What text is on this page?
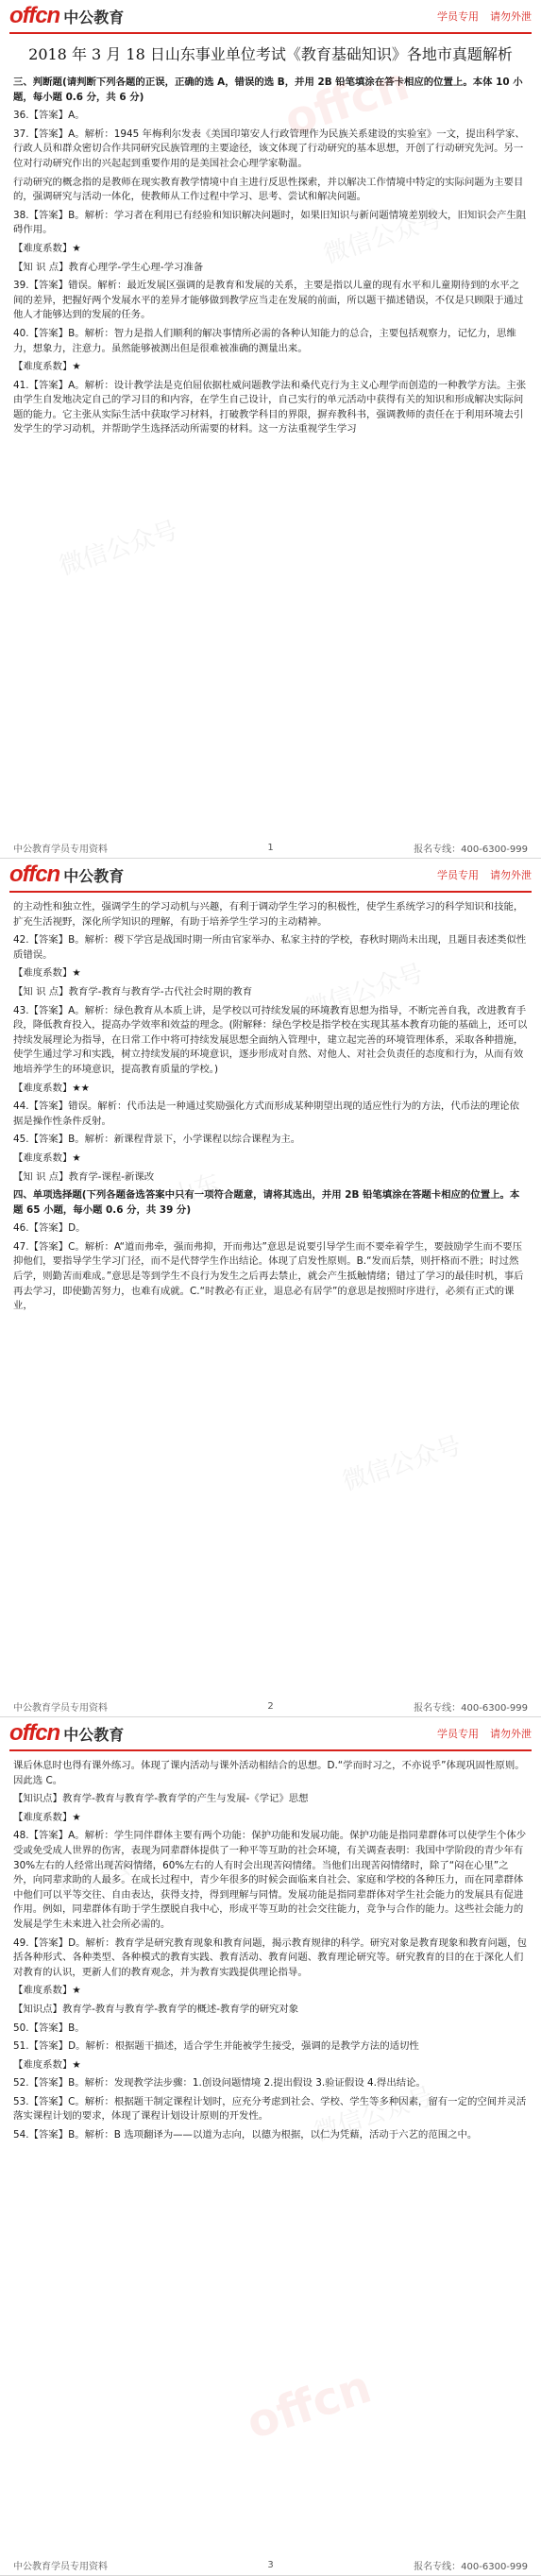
offcn
微信公众号
微信公众号
offcn 中公教育	学员专用 请勿外泄
2018 年 3 月 18 日山东事业单位考试《教育基础知识》各地市真题解析

三、判断题(请判断下列各题的正误，正确的选 A，错误的选 B，并用 2B 铅笔填涂在答卡相应的位置上。本体 10 小题，每小题 0.6 分，共 6 分)

36.【答案】A。

37.【答案】A。解析：1945 年梅利尔发表《美国印第安人行政管理作为民族关系建设的实验室》一文，提出科学家、行政人员和群众密切合作共同研究民族管理的主要途径，该文体现了行动研究的基本思想，开创了行动研究先河。另一位对行动研究作出的兴起起到重要作用的是美国社会心理学家勒温。

行动研究的概念指的是教师在现实教育教学情境中自主进行反思性探索，并以解决工作情境中特定的实际问题为主要目的，强调研究与活动一体化，使教师从工作过程中学习、思考、尝试和解决问题。

38.【答案】B。解析：学习者在利用已有经验和知识解决问题时，如果旧知识与新问题情境差别较大，旧知识会产生阻碍作用。

【难度系数】★

【知 识 点】教育心理学-学生心理-学习准备

39.【答案】错误。解析：最近发展区强调的是教育和发展的关系，主要是指以儿童的现有水平和儿童期待到的水平之间的差异，把握好两个发展水平的差异才能够做到教学应当走在发展的前面，所以题干描述错误，不仅是只顾限于通过他人才能够达到的发展的任务。

40.【答案】B。解析：智力是指人们顺利的解决事情所必需的各种认知能力的总合，主要包括观察力，记忆力，思维力，想象力，注意力。虽然能够被测出但是很难被准确的测量出来。

【难度系数】★

41.【答案】A。解析：设计教学法是克伯屈依据杜威问题教学法和桑代克行为主义心理学而创造的一种教学方法。主张由学生自发地决定自己的学习目的和内容，在学生自己设计，自己实行的单元活动中获得有关的知识和形成解决实际问题的能力。它主张从实际生活中获取学习材料，打破教学科目的界限，摒弃教科书，强调教师的责任在于利用环境去引发学生的学习动机，并帮助学生选择活动所需要的材料。这一方法重视学生学习

中公教育学员专用资料	1	报名专线：400-6300-999
微信公众号
微信公众号
山东
offcn 中公教育	学员专用 请勿外泄

的主动性和独立性，强调学生的学习动机与兴趣，有利于调动学生学习的积极性，使学生系统学习的科学知识和技能，扩充生活视野，深化所学知识的理解，有助于培养学生学习的主动精神。

42.【答案】B。解析：稷下学宫是战国时期一所由官家举办、私家主持的学校，春秋时期尚未出现，且题目表述类似性质错误。

【难度系数】★

【知 识 点】教育学-教育与教育学-古代社会时期的教育

43.【答案】A。解析：绿色教育从本质上讲，是学校以可持续发展的环境教育思想为指导，不断完善自我，改进教育手段，降低教育投入，提高办学效率和效益的理念。(附解释：绿色学校是指学校在实现其基本教育功能的基础上，还可以持续发展理论为指导，在日常工作中将可持续发展思想全面纳入管理中，建立起完善的环境管理体系，采取各种措施，使学生通过学习和实践，树立持续发展的环境意识，逐步形成对自然、对他人、对社会负责任的态度和行为，从而有效地培养学生的环境意识，提高教育质量的学校。)

【难度系数】★★

44.【答案】错误。解析：代币法是一种通过奖励强化方式而形成某种期望出现的适应性行为的方法，代币法的理论依据是操作性条件反射。

45.【答案】B。解析：新课程背景下，小学课程以综合课程为主。

【难度系数】★

【知 识 点】教育学-课程-新课改

四、单项选择题(下列各题备选答案中只有一项符合题意，请将其选出，并用 2B 铅笔填涂在答题卡相应的位置上。本题 65 小题，每小题 0.6 分，共 39 分)

46.【答案】D。

47.【答案】C。解析：A“道而弗牵，强而弗抑，开而弗达”意思是说要引导学生而不要牵着学生，要鼓励学生而不要压抑他们，要指导学生学习门径，而不是代替学生作出结论。体现了启发性原则。B.“发而后禁，则扞格而不胜；时过然后学，则勤苦而难成。”意思是等到学生不良行为发生之后再去禁止，就会产生抵触情绪；错过了学习的最佳时机，事后再去学习，即使勤苦努力，也难有成就。C.“时教必有正业，退息必有居学”的意思是按照时序进行，必须有正式的课业，

中公教育学员专用资料	2	报名专线：400-6300-999
微信公众号
微信公众号
offcn
offcn 中公教育	学员专用 请勿外泄

课后休息时也得有课外练习。体现了课内活动与课外活动相结合的思想。D.“学而时习之，不亦说乎”体现巩固性原则。因此选 C。

【知识点】教育学-教育与教育学-教育学的产生与发展-《学记》思想

【难度系数】★

48.【答案】A。解析：学生同伴群体主要有两个功能：保护功能和发展功能。保护功能是指同辈群体可以使学生个体少受或免受成人世界的伤害，表现为同辈群体提供了一种平等互助的社会环境，有关调查表明：我国中学阶段的青少年有 30%左右的人经常出现苦闷情绪，60%左右的人有时会出现苦闷情绪。当他们出现苦闷情绪时，除了“闷在心里”之外，向同辈求助的人最多。在成长过程中，青少年很多的时候会面临来自社会、家庭和学校的各种压力，而在同辈群体中他们可以平等交往、自由表达，获得支持，得到理解与同情。发展功能是指同辈群体对学生社会能力的发展具有促进作用。例如，同辈群体有助于学生摆脱自我中心，形成平等互助的社会交往能力，竞争与合作的能力。这些社会能力的发展是学生未来进入社会所必需的。

49.【答案】D。解析：教育学是研究教育现象和教育问题，揭示教育规律的科学。研究对象是教育现象和教育问题，包括各种形式、各种类型、各种模式的教育实践、教育活动、教育问题、教育理论研究等。研究教育的目的在于深化人们对教育的认识，更新人们的教育观念，并为教育实践提供理论指导。

【难度系数】★

【知识点】教育学-教育与教育学-教育学的概述-教育学的研究对象

50.【答案】B。

51.【答案】D。解析：根据题干描述，适合学生并能被学生接受，强调的是教学方法的适切性

【难度系数】★

52.【答案】B。解析：发现教学法步骤：1.创设问题情境 2.提出假设 3.验证假设 4.得出结论。

53.【答案】C。解析：根据题干制定课程计划时，应充分考虑到社会、学校、学生等多种因素，留有一定的空间并灵活落实课程计划的要求，体现了课程计划设计原则的开发性。

54.【答案】B。解析：B 选项翻译为——以道为志向，以德为根据，以仁为凭藉，活动于六艺的范围之中。

中公教育学员专用资料	3	报名专线：400-6300-999
